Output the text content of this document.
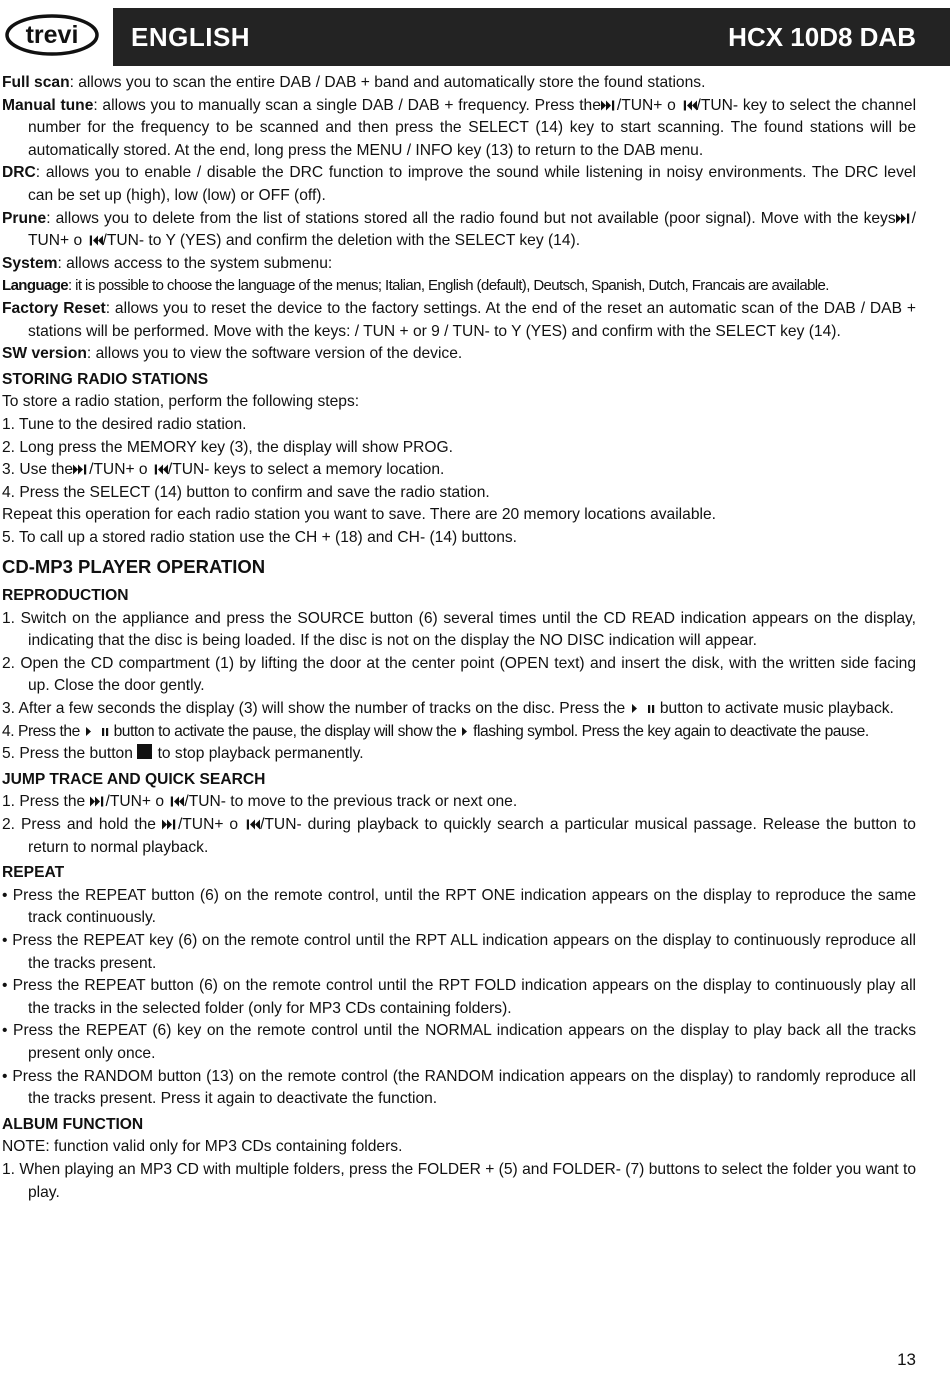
trevi ENGLISH	HCX 10D8 DAB

Full scan: allows you to scan the entire DAB / DAB + band and automatically store the found stations.

Manual tune: allows you to manually scan a single DAB / DAB + frequency. Press the /TUN+ o /TUN- key to select the channel number for the frequency to be scanned and then press the SELECT (14) key to start scanning. The found stations will be automatically stored. At the end, long press the MENU / INFO key (13) to return to the DAB menu.

DRC: allows you to enable / disable the DRC function to improve the sound while listening in noisy environments. The DRC level can be set up (high), low (low) or OFF (off).

Prune: allows you to delete from the list of stations stored all the radio found but not available (poor signal). Move with the keys / TUN+ o /TUN- to Y (YES) and confirm the deletion with the SELECT key (14).

System: allows access to the system submenu:

Language: it is possible to choose the language of the menus; Italian, English (default), Deutsch, Spanish, Dutch, Francais are available.

Factory Reset: allows you to reset the device to the factory settings. At the end of the reset an automatic scan of the DAB / DAB + stations will be performed. Move with the keys: / TUN + or 9 / TUN- to Y (YES) and confirm with the SELECT key (14).

SW version: allows you to view the software version of the device.

STORING RADIO STATIONS

To store a radio station, perform the following steps:

1. Tune to the desired radio station.

2. Long press the MEMORY key (3), the display will show PROG.

3. Use the /TUN+ o /TUN- keys to select a memory location.

4. Press the SELECT (14) button to confirm and save the radio station.

Repeat this operation for each radio station you want to save. There are 20 memory locations available.

5. To call up a stored radio station use the CH + (18) and CH- (14) buttons.

CD-MP3 PLAYER OPERATION

REPRODUCTION

1. Switch on the appliance and press the SOURCE button (6) several times until the CD READ indication appears on the display, indicating that the disc is being loaded. If the disc is not on the display the NO DISC indication will appear.

2. Open the CD compartment (1) by lifting the door at the center point (OPEN text) and insert the disk, with the written side facing up. Close the door gently.

3. After a few seconds the display (3) will show the number of tracks on the disc. Press the  button to activate music playback.

4. Press the  button to activate the pause, the display will show the  flashing symbol. Press the key again to deactivate the pause.

5. Press the button  to stop playback permanently.

JUMP TRACE AND QUICK SEARCH

1. Press the /TUN+ o /TUN- to move to the previous track or next one.

2. Press and hold the /TUN+ o /TUN- during playback to quickly search a particular musical passage. Release the button to return to normal playback.

REPEAT

• Press the REPEAT button (6) on the remote control, until the RPT ONE indication appears on the display to reproduce the same track continuously.

• Press the REPEAT key (6) on the remote control until the RPT ALL indication appears on the display to continuously reproduce all the tracks present.

• Press the REPEAT button (6) on the remote control until the RPT FOLD indication appears on the display to continuously play all the tracks in the selected folder (only for MP3 CDs containing folders).

• Press the REPEAT (6) key on the remote control until the NORMAL indication appears on the display to play back all the tracks present only once.

• Press the RANDOM button (13) on the remote control (the RANDOM indication appears on the display) to randomly reproduce all the tracks present. Press it again to deactivate the function.

ALBUM FUNCTION

NOTE: function valid only for MP3 CDs containing folders.

1. When playing an MP3 CD with multiple folders, press the FOLDER + (5) and FOLDER- (7) buttons to select the folder you want to play.

13
